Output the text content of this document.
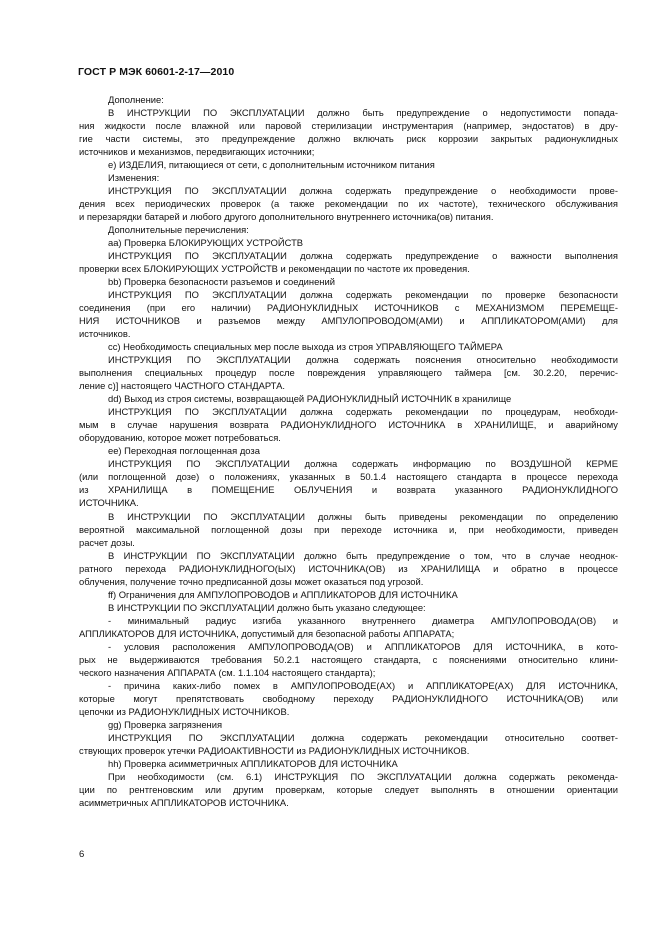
ГОСТ Р МЭК 60601-2-17—2010
Дополнение:
В ИНСТРУКЦИИ ПО ЭКСПЛУАТАЦИИ должно быть предупреждение о недопустимости попада-
ния жидкости после влажной или паровой стерилизации инструментария (например, эндостатов) в дру-
гие части системы, это предупреждение должно включать риск коррозии закрытых радионуклидных
источников и механизмов, передвигающих источники;
е) ИЗДЕЛИЯ, питающиеся от сети, с дополнительным источником питания
Изменения:
ИНСТРУКЦИЯ ПО ЭКСПЛУАТАЦИИ должна содержать предупреждение о необходимости прове-
дения всех периодических проверок (а также рекомендации по их частоте), технического обслуживания
и перезарядки батарей и любого другого дополнительного внутреннего источника(ов) питания.
Дополнительные перечисления:
аа) Проверка БЛОКИРУЮЩИХ УСТРОЙСТВ
ИНСТРУКЦИЯ ПО ЭКСПЛУАТАЦИИ должна содержать предупреждение о важности выполнения
проверки всех БЛОКИРУЮЩИХ УСТРОЙСТВ и рекомендации по частоте их проведения.
bb) Проверка безопасности разъемов и соединений
ИНСТРУКЦИЯ ПО ЭКСПЛУАТАЦИИ должна содержать рекомендации по проверке безопасности
соединения (при его наличии) РАДИОНУКЛИДНЫХ ИСТОЧНИКОВ с МЕХАНИЗМОМ ПЕРЕМЕЩЕ-
НИЯ ИСТОЧНИКОВ и разъемов между АМПУЛОПРОВОДОМ(АМИ) и АППЛИКАТОРОМ(АМИ) для
источников.
сс) Необходимость специальных мер после выхода из строя УПРАВЛЯЮЩЕГО ТАЙМЕРА
ИНСТРУКЦИЯ ПО ЭКСПЛУАТАЦИИ должна содержать пояснения относительно необходимости
выполнения специальных процедур после повреждения управляющего таймера [см. 30.2.20, перечис-
ление с)] настоящего ЧАСТНОГО СТАНДАРТА.
dd) Выход из строя системы, возвращающей РАДИОНУКЛИДНЫЙ ИСТОЧНИК в хранилище
ИНСТРУКЦИЯ ПО ЭКСПЛУАТАЦИИ должна содержать рекомендации по процедурам, необходи-
мым в случае нарушения возврата РАДИОНУКЛИДНОГО ИСТОЧНИКА в ХРАНИЛИЩЕ, и аварийному
оборудованию, которое может потребоваться.
ее) Переходная поглощенная доза
ИНСТРУКЦИЯ ПО ЭКСПЛУАТАЦИИ должна содержать информацию по ВОЗДУШНОЙ КЕРМЕ
(или поглощенной дозе) о положениях, указанных в 50.1.4 настоящего стандарта в процессе перехода
из ХРАНИЛИЩА в ПОМЕЩЕНИЕ ОБЛУЧЕНИЯ и возврата указанного РАДИОНУКЛИДНОГО
ИСТОЧНИКА.
В ИНСТРУКЦИИ ПО ЭКСПЛУАТАЦИИ должны быть приведены рекомендации по определению
вероятной максимальной поглощенной дозы при переходе источника и, при необходимости, приведен
расчет дозы.
В ИНСТРУКЦИИ ПО ЭКСПЛУАТАЦИИ должно быть предупреждение о том, что в случае неоднок-
ратного перехода РАДИОНУКЛИДНОГО(ЫХ) ИСТОЧНИКА(ОВ) из ХРАНИЛИЩА и обратно в процессе
облучения, получение точно предписанной дозы может оказаться под угрозой.
ff) Ограничения для АМПУЛОПРОВОДОВ и АППЛИКАТОРОВ ДЛЯ ИСТОЧНИКА
В ИНСТРУКЦИИ ПО ЭКСПЛУАТАЦИИ должно быть указано следующее:
- минимальный радиус изгиба указанного внутреннего диаметра АМПУЛОПРОВОДА(ОВ) и
АППЛИКАТОРОВ ДЛЯ ИСТОЧНИКА, допустимый для безопасной работы АППАРАТА;
- условия расположения АМПУЛОПРОВОДА(ОВ) и АППЛИКАТОРОВ ДЛЯ ИСТОЧНИКА, в кото-
рых не выдерживаются требования 50.2.1 настоящего стандарта, с пояснениями относительно клини-
ческого назначения АППАРАТА (см. 1.1.104 настоящего стандарта);
- причина каких-либо помех в АМПУЛОПРОВОДЕ(АХ) и АППЛИКАТОРЕ(АХ) ДЛЯ ИСТОЧНИКА,
которые могут препятствовать свободному переходу РАДИОНУКЛИДНОГО ИСТОЧНИКА(ОВ) или
цепочки из РАДИОНУКЛИДНЫХ ИСТОЧНИКОВ.
gg) Проверка загрязнения
ИНСТРУКЦИЯ ПО ЭКСПЛУАТАЦИИ должна содержать рекомендации относительно соответ-
ствующих проверок утечки РАДИОАКТИВНОСТИ из РАДИОНУКЛИДНЫХ ИСТОЧНИКОВ.
hh) Проверка асимметричных АППЛИКАТОРОВ ДЛЯ ИСТОЧНИКА
При необходимости (см. 6.1) ИНСТРУКЦИЯ ПО ЭКСПЛУАТАЦИИ должна содержать рекоменда-
ции по рентгеновским или другим проверкам, которые следует выполнять в отношении ориентации
асимметричных АППЛИКАТОРОВ ИСТОЧНИКА.
6
